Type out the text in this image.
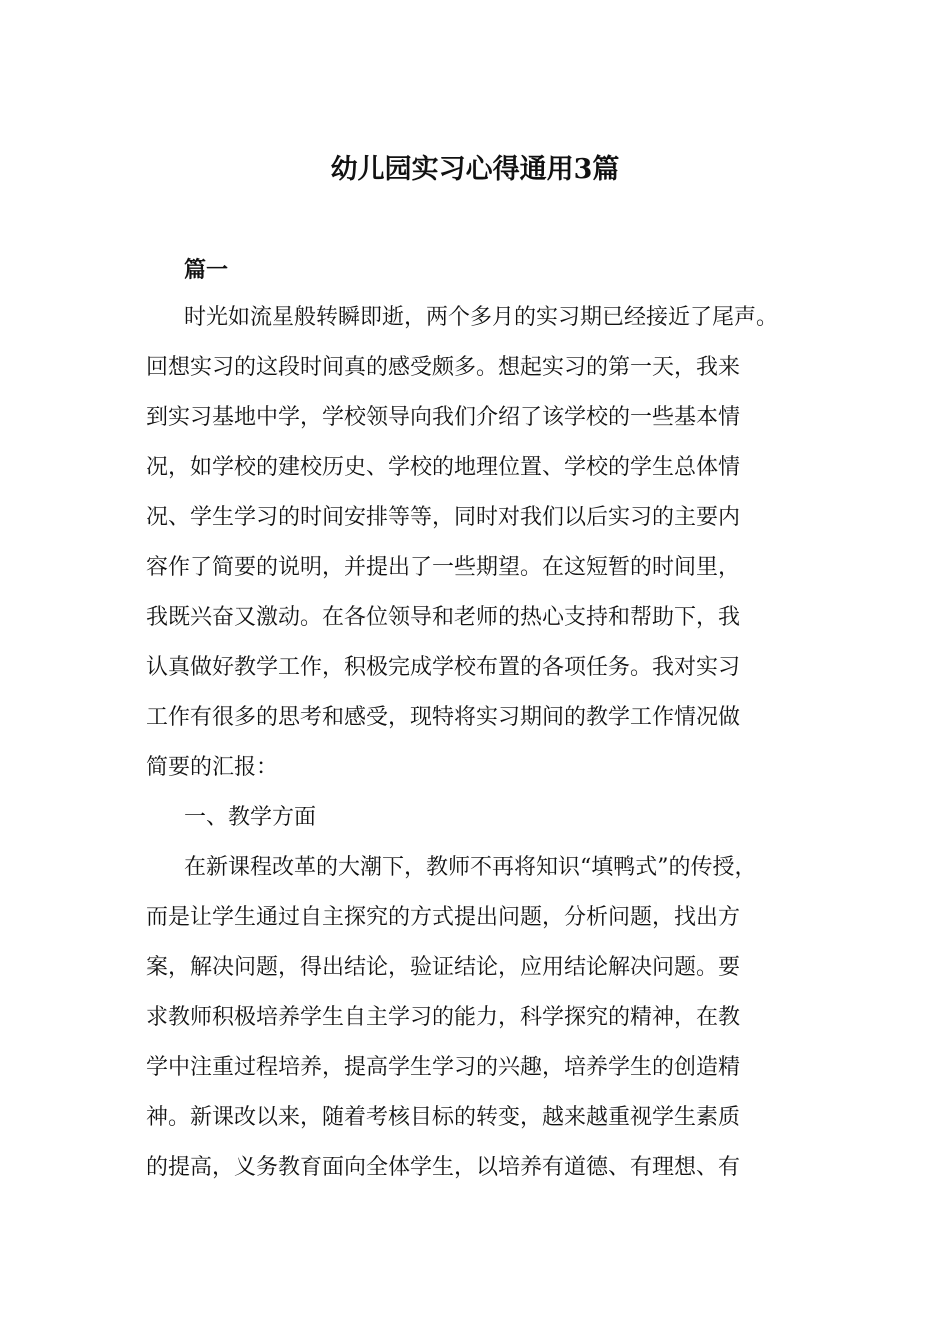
幼儿园实习心得通用3篇
篇一
时光如流星般转瞬即逝，两个多月的实习期已经接近了尾声。
回想实习的这段时间真的感受颇多。想起实习的第一天，我来
到实习基地中学，学校领导向我们介绍了该学校的一些基本情
况，如学校的建校历史、学校的地理位置、学校的学生总体情
况、学生学习的时间安排等等，同时对我们以后实习的主要内
容作了简要的说明，并提出了一些期望。在这短暂的时间里，
我既兴奋又激动。在各位领导和老师的热心支持和帮助下，我
认真做好教学工作，积极完成学校布置的各项任务。我对实习
工作有很多的思考和感受，现特将实习期间的教学工作情况做
简要的汇报：
一、教学方面
在新课程改革的大潮下，教师不再将知识“填鸭式”的传授，
而是让学生通过自主探究的方式提出问题，分析问题，找出方
案，解决问题，得出结论，验证结论，应用结论解决问题。要
求教师积极培养学生自主学习的能力，科学探究的精神，在教
学中注重过程培养，提高学生学习的兴趣，培养学生的创造精
神。新课改以来，随着考核目标的转变，越来越重视学生素质
的提高，义务教育面向全体学生，以培养有道德、有理想、有
